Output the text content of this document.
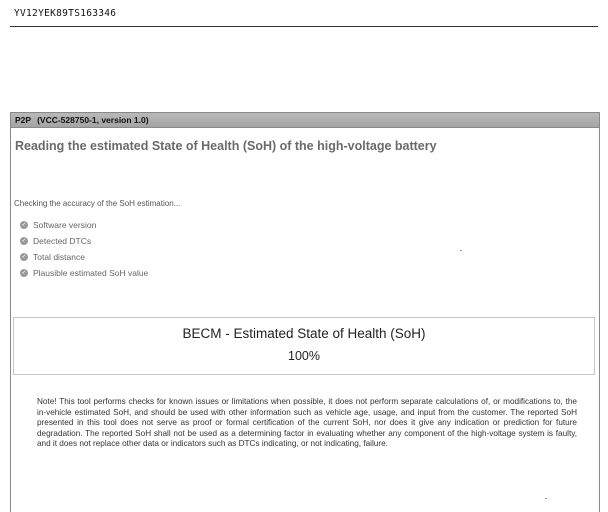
YV12YEK89TS163346
P2P (VCC-528750-1, version 1.0)
Reading the estimated State of Health (SoH) of the high-voltage battery
Checking the accuracy of the SoH estimation...
✓ Software version
✓ Detected DTCs
✓ Total distance
✓ Plausible estimated SoH value
BECM - Estimated State of Health (SoH)
100%
Note! This tool performs checks for known issues or limitations when possible, it does not perform separate calculations of, or modifications to, the in-vehicle estimated SoH, and should be used with other information such as vehicle age, usage, and input from the customer. The reported SoH presented in this tool does not serve as proof or formal certification of the current SoH, nor does it give any indication or prediction for future degradation. The reported SoH shall not be used as a determining factor in evaluating whether any component of the high-voltage system is faulty, and it does not replace other data or indicators such as DTCs indicating, or not indicating, failure.
